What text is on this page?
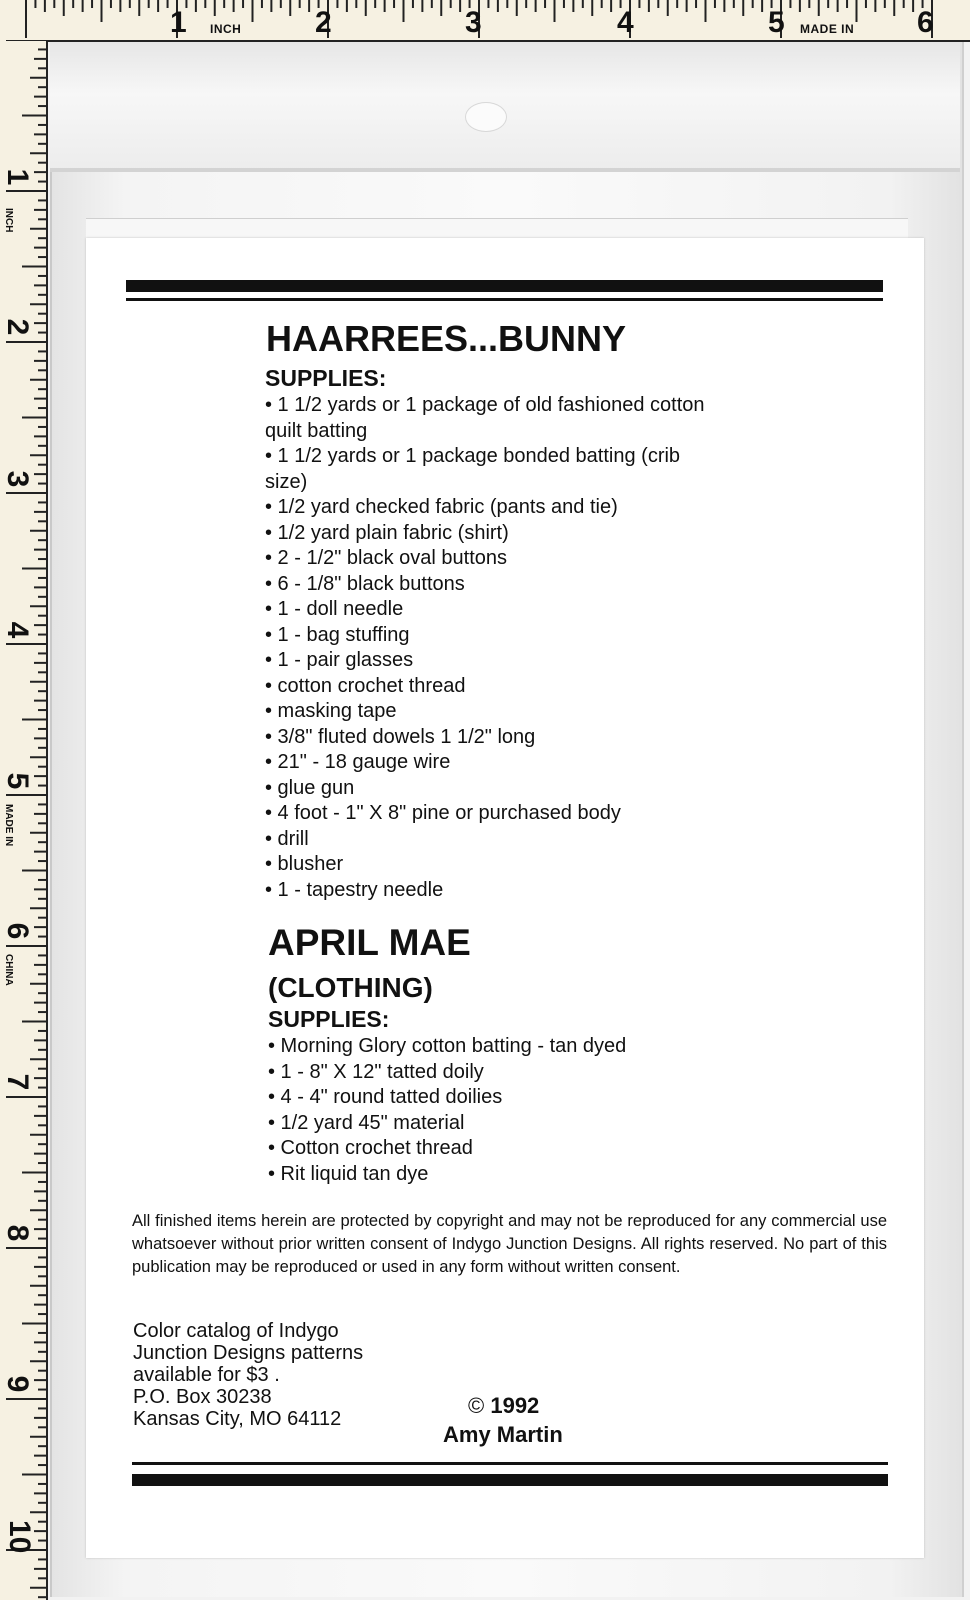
1 INCH 2	3	4	5 MADE IN 6
1
INCH
2
3
4
5
MADE IN
6
CHINA
7
8
9
10
HAARREES...BUNNY
SUPPLIES:
• 1 1/2 yards or 1 package of old fashioned cotton
quilt batting
• 1 1/2 yards or 1 package bonded batting (crib
size)
• 1/2 yard checked fabric (pants and tie)
• 1/2 yard plain fabric (shirt)
• 2 - 1/2" black oval buttons
• 6 - 1/8" black buttons
• 1 - doll needle
• 1 - bag stuffing
• 1 - pair glasses
• cotton crochet thread
• masking tape
• 3/8" fluted dowels 1 1/2" long
• 21" - 18 gauge wire
• glue gun
• 4 foot - 1" X 8" pine or purchased body
• drill
• blusher
• 1 - tapestry needle
APRIL MAE
(CLOTHING)
SUPPLIES:
• Morning Glory cotton batting - tan dyed
• 1 - 8" X 12" tatted doily
• 4 - 4" round tatted doilies
• 1/2 yard 45" material
• Cotton crochet thread
• Rit liquid tan dye
All finished items herein are protected by copyright and may not be reproduced for any commercial use whatsoever without prior written consent of Indygo Junction Designs. All rights reserved. No part of this publication may be reproduced or used in any form without written consent.
Color catalog of Indygo
Junction Designs patterns
available for $3 .
P.O. Box 30238
Kansas City, MO 64112
© 1992
Amy Martin
